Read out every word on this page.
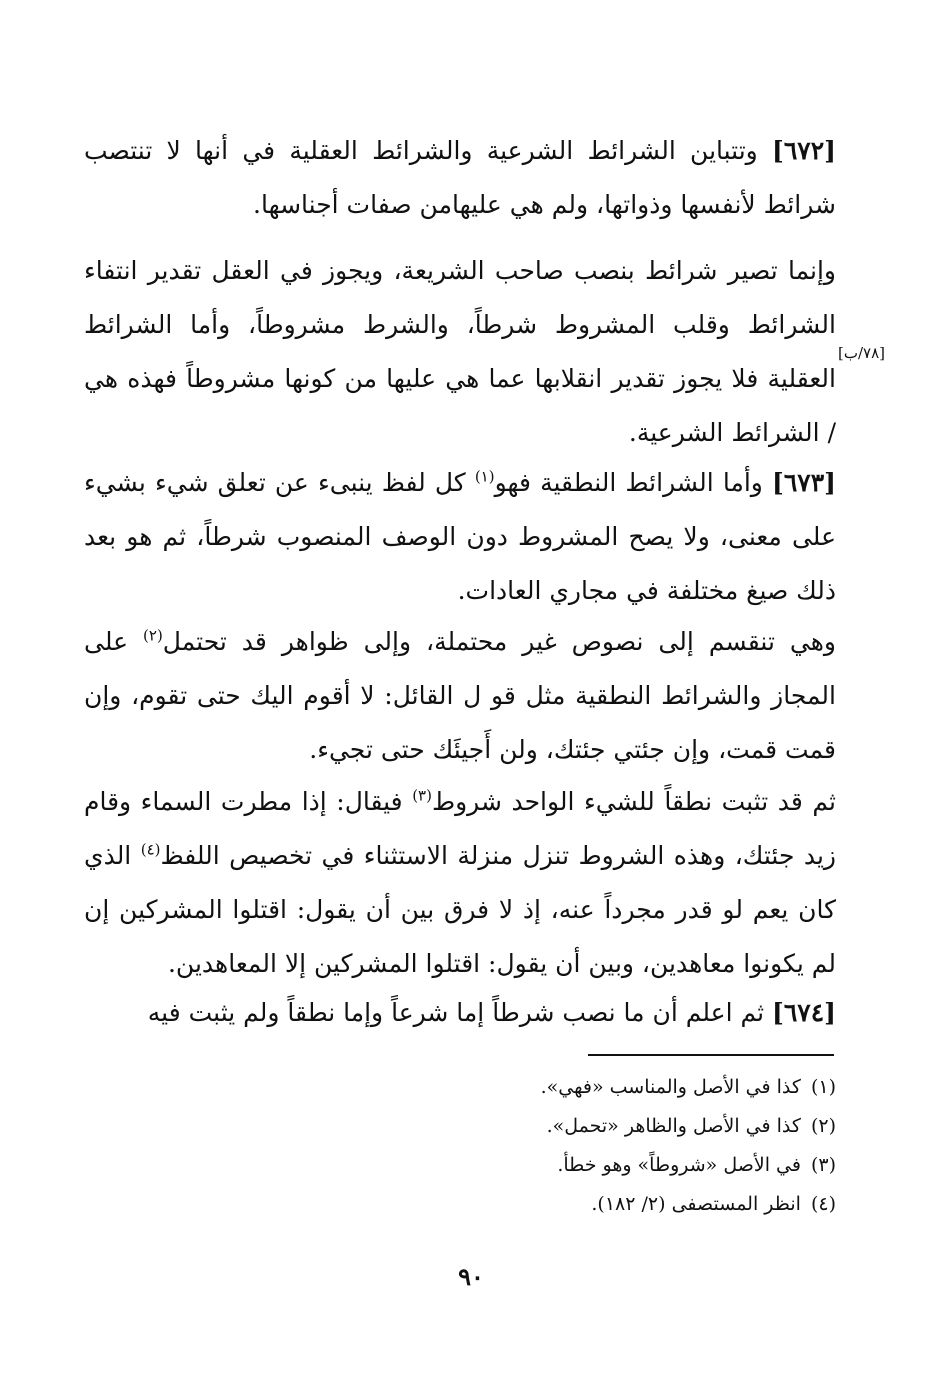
[٦٧٢] وتتباين الشرائط الشرعية والشرائط العقلية في أنها لا تنتصب شرائط لأنفسها وذواتها، ولم هي عليهامن صفات أجناسها.

وإنما تصير شرائط بنصب صاحب الشريعة، ويجوز في العقل تقدير انتفاء الشرائط وقلب المشروط شرطاً، والشرط مشروطاً، وأما الشرائط العقلية فلا يجوز تقدير انقلابها عما هي عليها من كونها مشروطاً فهذه هي / الشرائط الشرعية.

[٧٨/ب]

[٦٧٣] وأما الشرائط النطقية فهو$^{(١)}$ كل لفظ ينبىء عن تعلق شيء بشيء على معنى، ولا يصح المشروط دون الوصف المنصوب شرطاً، ثم هو بعد ذلك صيغ مختلفة في مجاري العادات.

وهي تنقسم إلى نصوص غير محتملة، وإلى ظواهر قد تحتمل$^{(٢)}$ على المجاز والشرائط النطقية مثل قو ل القائل: لا أقوم اليك حتى تقوم، وإن قمت قمت، وإن جئتي جئتك، ولن أَجيئَك حتى تجيء.

ثم قد تثبت نطقاً للشيء الواحد شروط$^{(٣)}$ فيقال: إذا مطرت السماء وقام زيد جئتك، وهذه الشروط تنزل منزلة الاستثناء في تخصيص اللفظ$^{(٤)}$ الذي كان يعم لو قدر مجرداً عنه، إذ لا فرق بين أن يقول: اقتلوا المشركين إن لم يكونوا معاهدين، وبين أن يقول: اقتلوا المشركين إلا المعاهدين.

[٦٧٤] ثم اعلم أن ما نصب شرطاً إما شرعاً وإما نطقاً ولم يثبت فيه

(١)كذا في الأصل والمناسب «فهي».

(٢)كذا في الأصل والظاهر «تحمل».

(٣)في الأصل «شروطاً» وهو خطأ.

(٤)انظر المستصفى (٢/ ١٨٢).

٩٠
